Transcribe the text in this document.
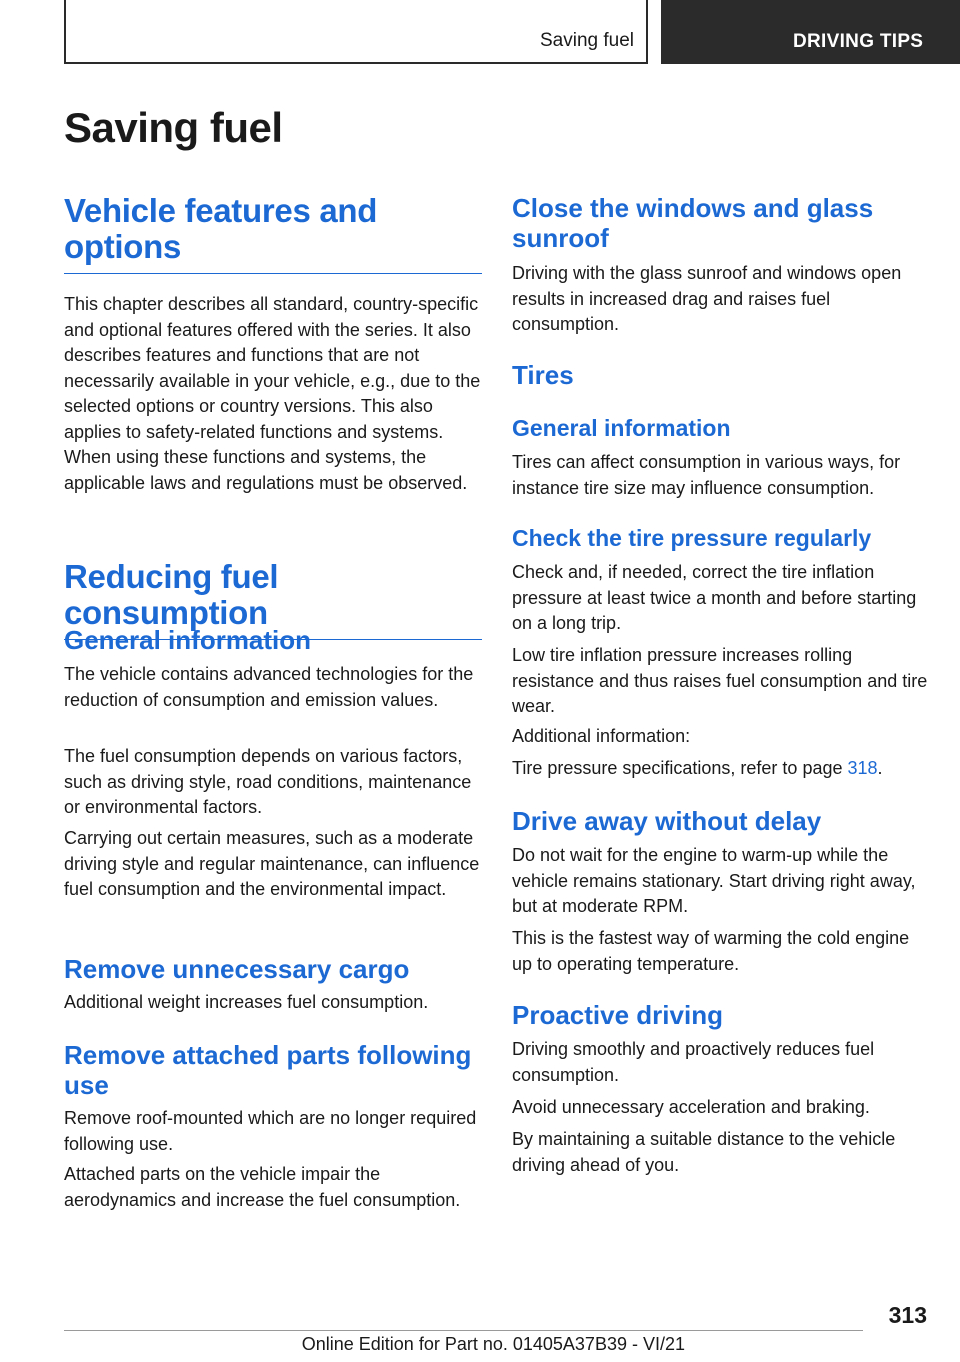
Saving fuel	DRIVING TIPS
Saving fuel
Vehicle features and options

This chapter describes all standard, country-specific and optional features offered with the series. It also describes features and functions that are not necessarily available in your vehicle, e.g., due to the selected options or country versions. This also applies to safety-related functions and systems. When using these functions and systems, the applicable laws and regulations must be observed.

Reducing fuel consumption
General information

The vehicle contains advanced technologies for the reduction of consumption and emission values.

The fuel consumption depends on various factors, such as driving style, road conditions, maintenance or environmental factors.

Carrying out certain measures, such as a moderate driving style and regular maintenance, can influence fuel consumption and the environmental impact.

Remove unnecessary cargo

Additional weight increases fuel consumption.

Remove attached parts following use

Remove roof-mounted which are no longer required following use.

Attached parts on the vehicle impair the aerodynamics and increase the fuel consumption.

Close the windows and glass sunroof

Driving with the glass sunroof and windows open results in increased drag and raises fuel consumption.

Tires
General information

Tires can affect consumption in various ways, for instance tire size may influence consumption.

Check the tire pressure regularly

Check and, if needed, correct the tire inflation pressure at least twice a month and before starting on a long trip.

Low tire inflation pressure increases rolling resistance and thus raises fuel consumption and tire wear.

Additional information:

Tire pressure specifications, refer to page 318.

Drive away without delay

Do not wait for the engine to warm-up while the vehicle remains stationary. Start driving right away, but at moderate RPM.

This is the fastest way of warming the cold engine up to operating temperature.

Proactive driving

Driving smoothly and proactively reduces fuel consumption.

Avoid unnecessary acceleration and braking.

By maintaining a suitable distance to the vehicle driving ahead of you.

313
Online Edition for Part no. 01405A37B39 - VI/21
